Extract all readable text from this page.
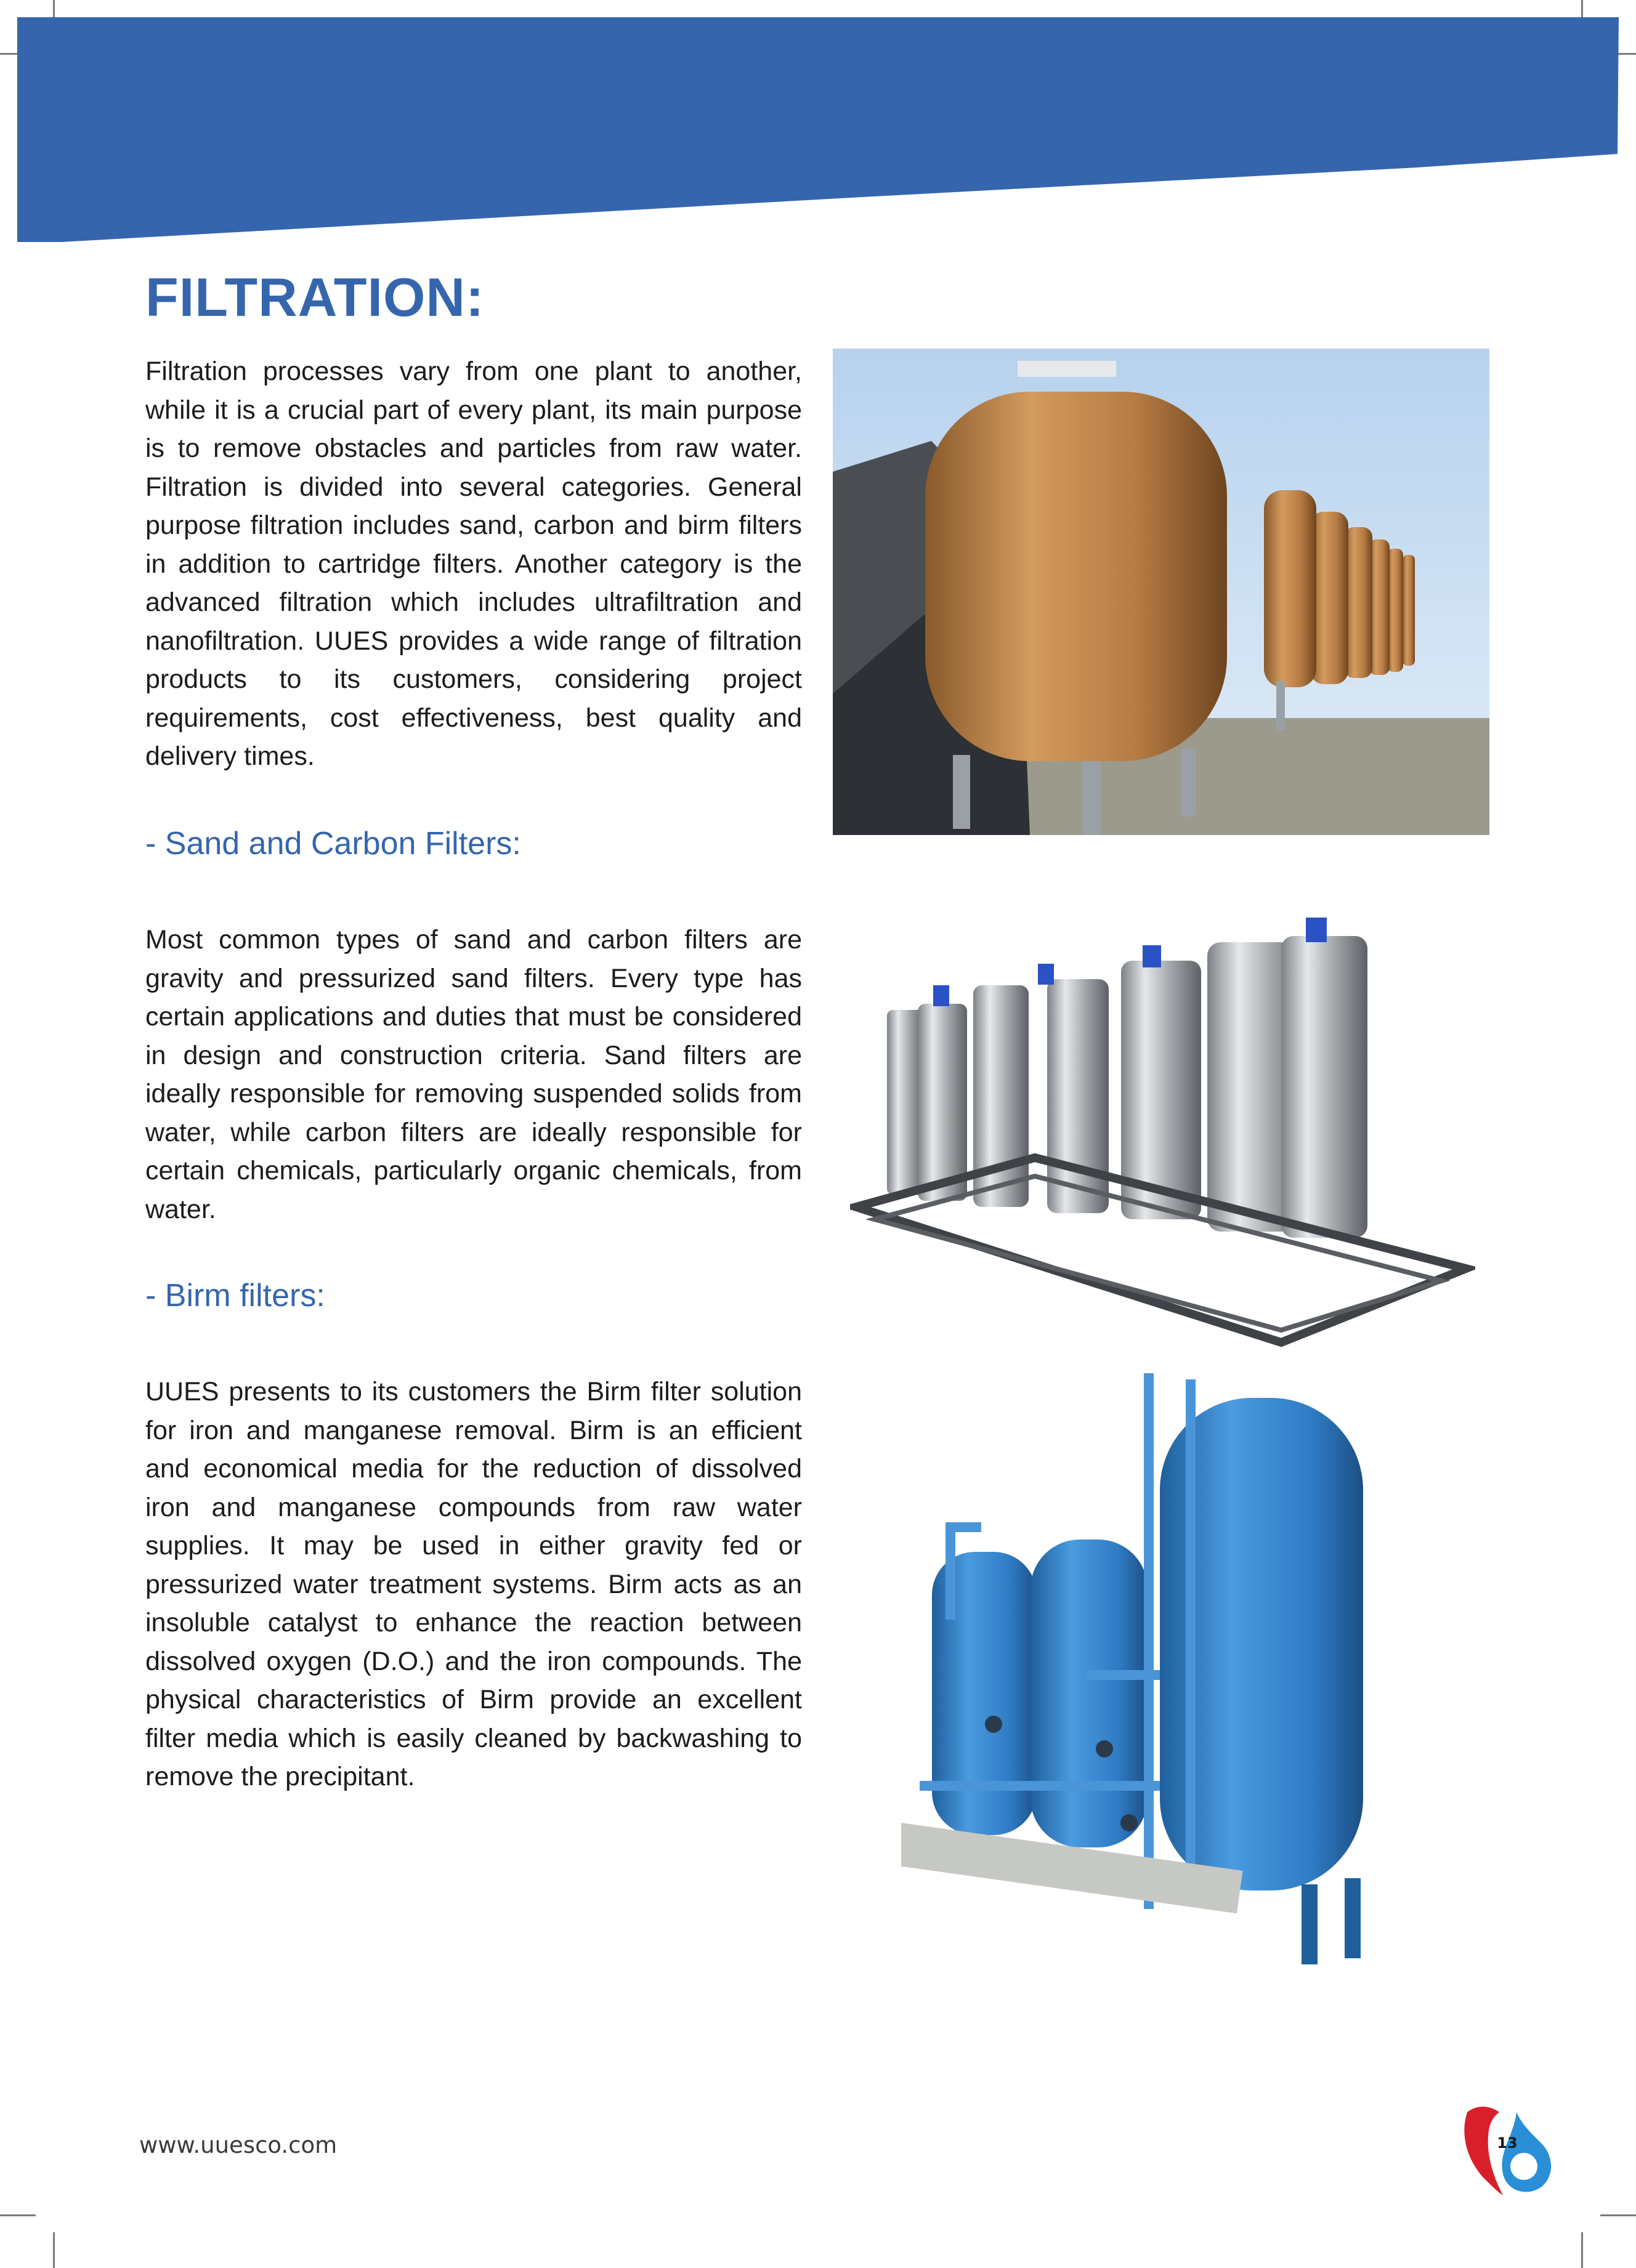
FILTRATION:

Filtration processes vary from one plant to another, while it is a crucial part of every plant, its main purpose is to remove obstacles and particles from raw water. Filtration is divided into several categories. General purpose filtration includes sand, carbon and birm filters in addition to cartridge filters. Another category is the advanced filtration which includes ultrafiltration and nanofiltration. UUES provides a wide range of filtration products to its customers, considering project requirements, cost effectiveness, best quality and delivery times.

- Sand and Carbon Filters:

Most common types of sand and carbon filters are gravity and pressurized sand filters. Every type has certain applications and duties that must be considered in design and construction criteria. Sand filters are ideally responsible for removing suspended solids from water, while carbon filters are ideally responsible for certain chemicals, particularly organic chemicals, from water.

- Birm filters:

UUES presents to its customers the Birm filter solution for iron and manganese removal. Birm is an efficient and economical media for the reduction of dissolved iron and manganese compounds from raw water supplies. It may be used in either gravity fed or pressurized water treatment systems. Birm acts as an insoluble catalyst to enhance the reaction between dissolved oxygen (D.O.) and the iron compounds. The physical characteristics of Birm provide an excellent filter media which is easily cleaned by backwashing to remove the precipitant.

www.uuesco.com	13
